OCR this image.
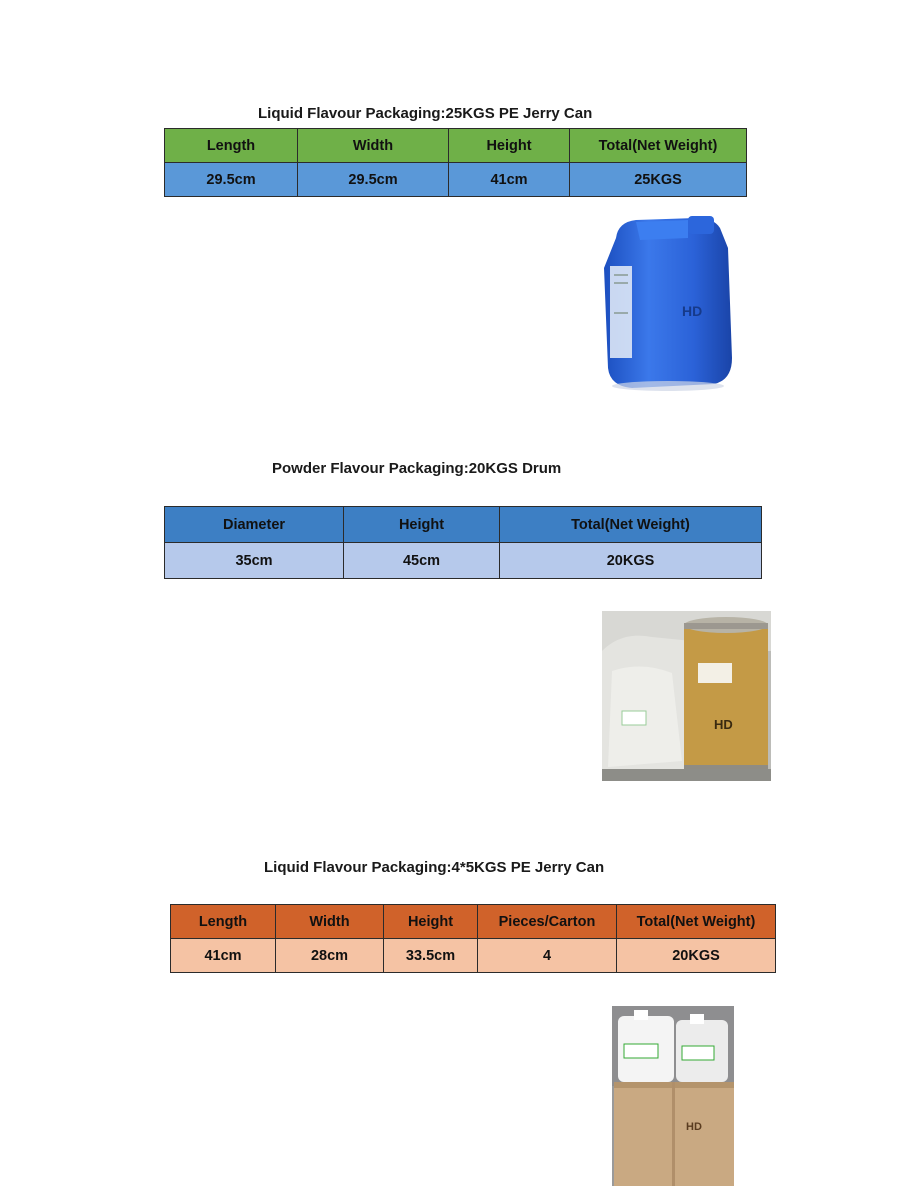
Liquid Flavour Packaging:25KGS PE Jerry Can
Length	Width	Height	Total(Net Weight)
29.5cm	29.5cm	41cm	25KGS
HD
Powder Flavour Packaging:20KGS Drum
Diameter	Height	Total(Net Weight)
35cm	45cm	20KGS
HD
Liquid Flavour Packaging:4*5KGS PE Jerry Can
Length	Width	Height	Pieces/Carton	Total(Net Weight)
41cm	28cm	33.5cm	4	20KGS
HD
